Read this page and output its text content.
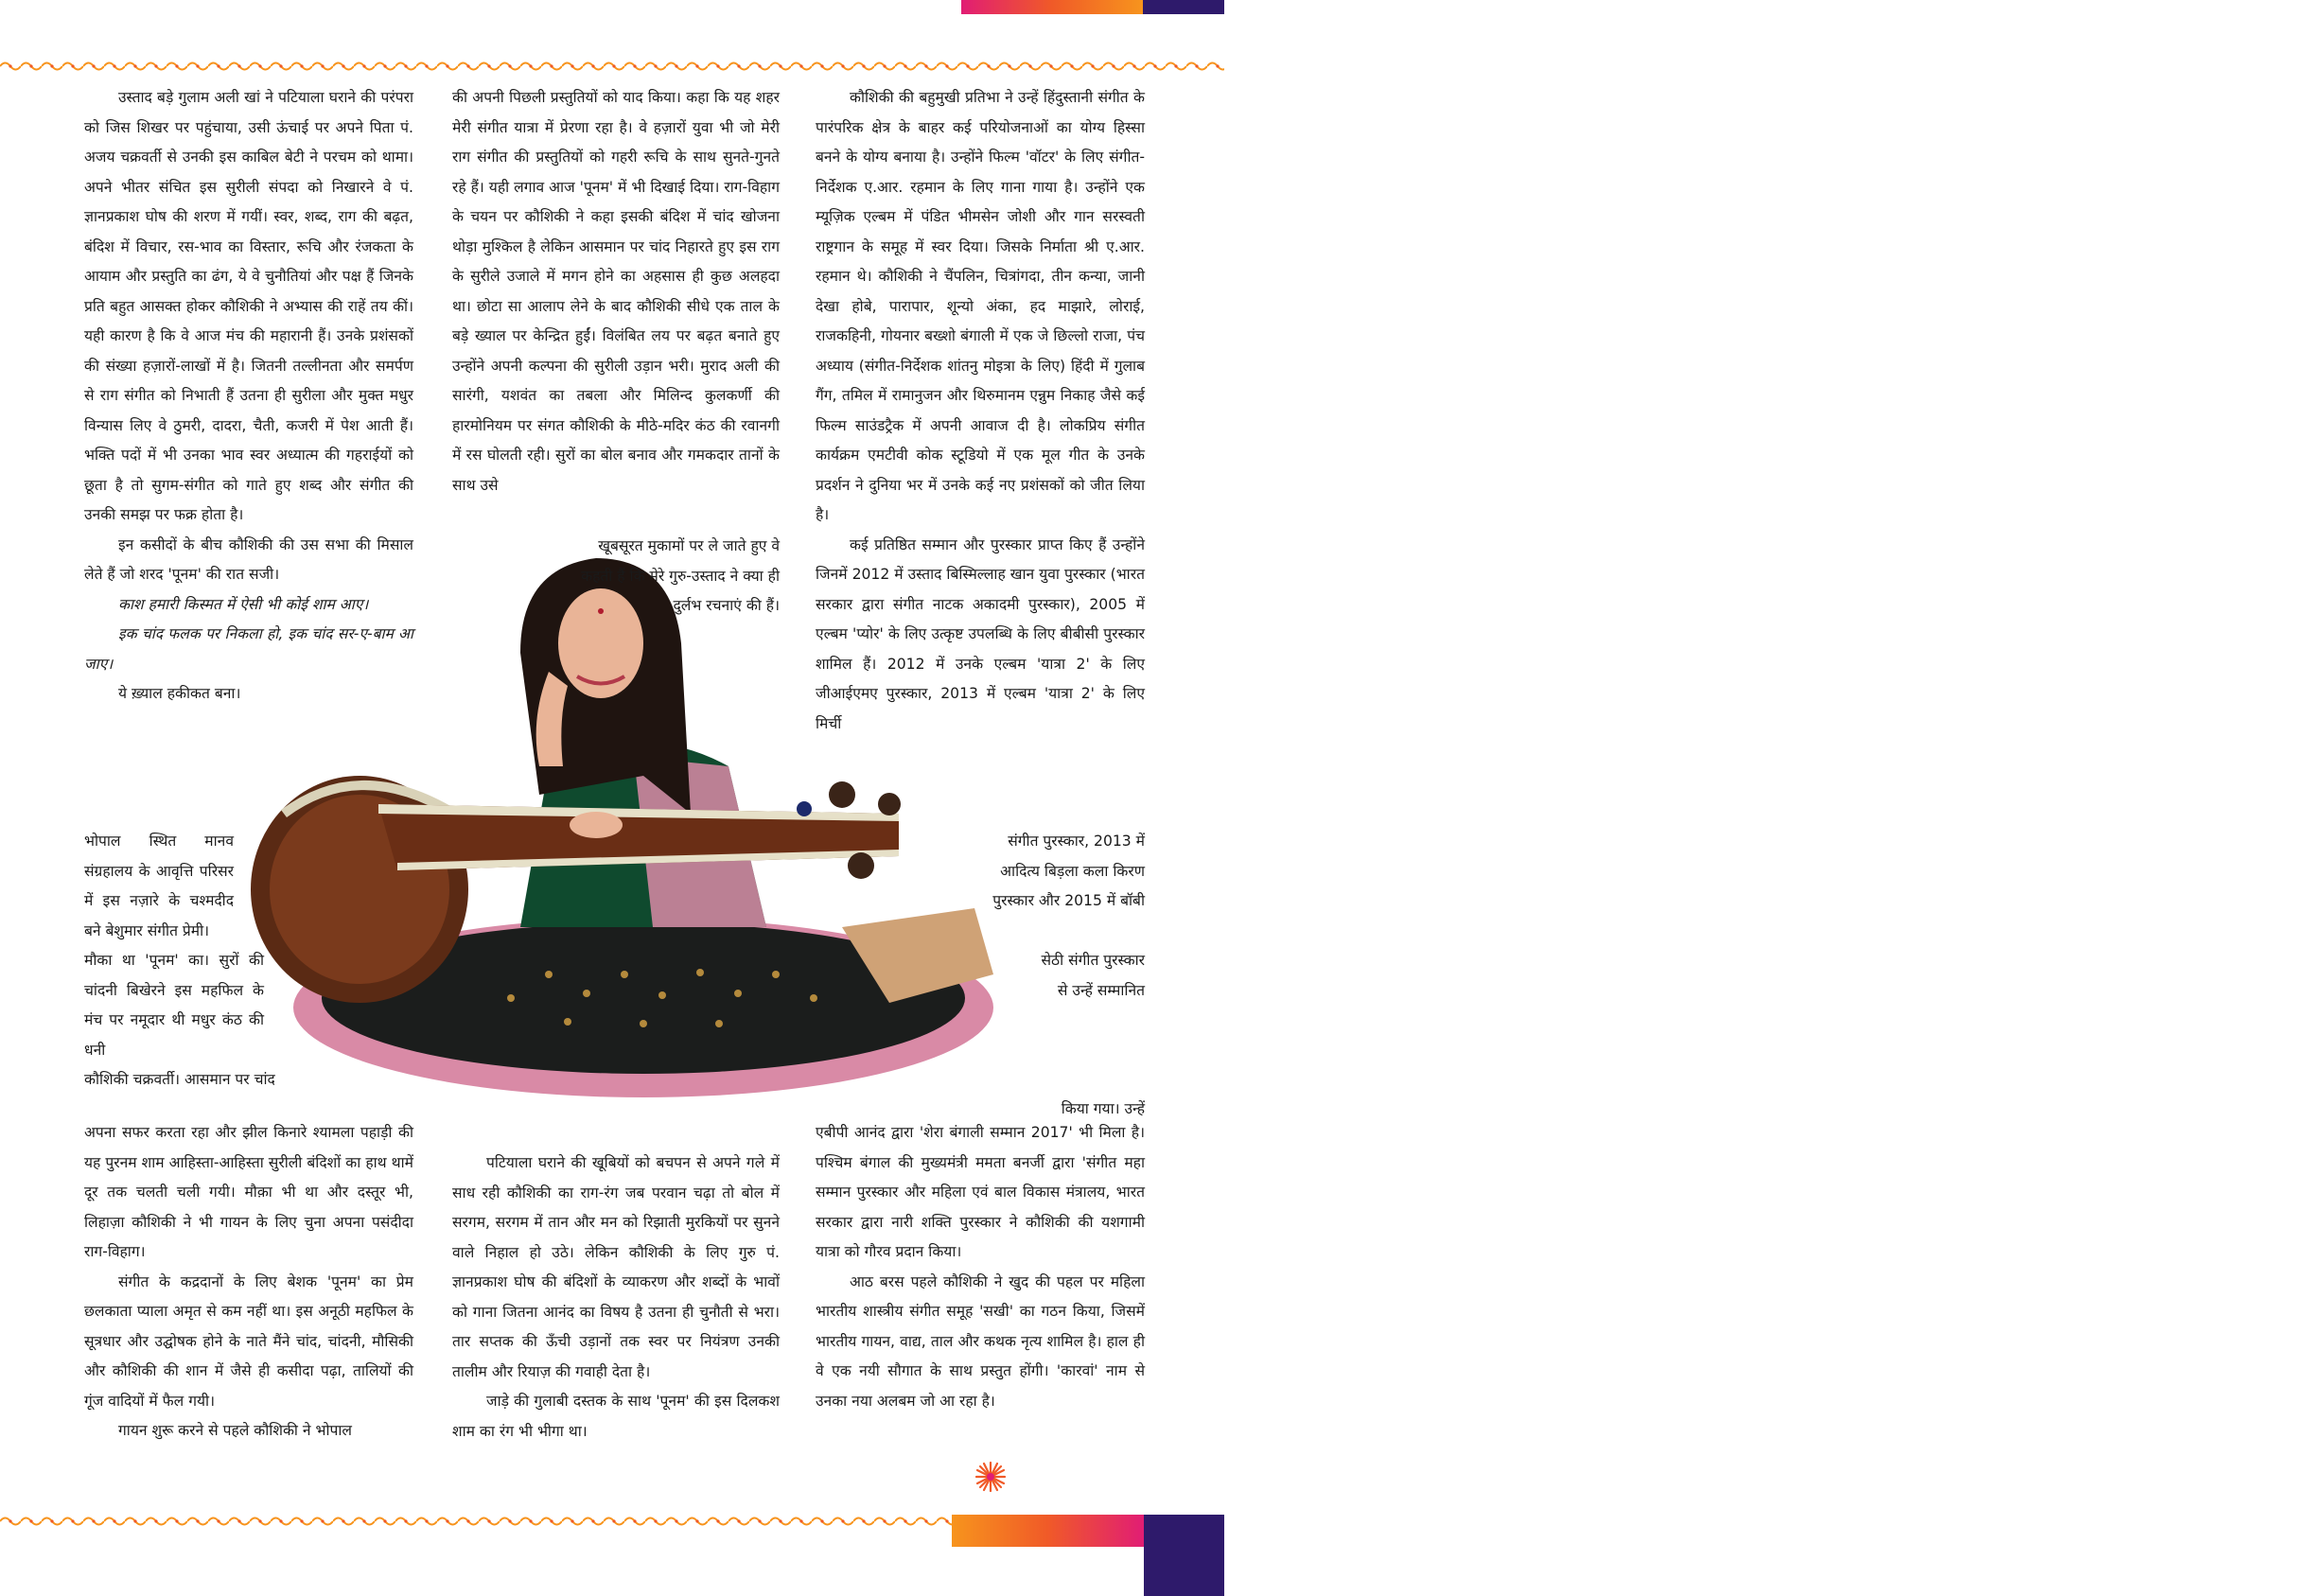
उस्ताद बड़े गुलाम अली खां ने पटियाला घराने की परंपरा को जिस शिखर पर पहुंचाया, उसी ऊंचाई पर अपने पिता पं. अजय चक्रवर्ती से उनकी इस काबिल बेटी ने परचम को थामा। अपने भीतर संचित इस सुरीली संपदा को निखारने वे पं. ज्ञानप्रकाश घोष की शरण में गयीं। स्वर, शब्द, राग की बढ़त, बंदिश में विचार, रस-भाव का विस्तार, रूचि और रंजकता के आयाम और प्रस्तुति का ढंग, ये वे चुनौतियां और पक्ष हैं जिनके प्रति बहुत आसक्त होकर कौशिकी ने अभ्यास की राहें तय कीं। यही कारण है कि वे आज मंच की महारानी हैं। उनके प्रशंसकों की संख्या हज़ारों-लाखों में है। जितनी तल्लीनता और समर्पण से राग संगीत को निभाती हैं उतना ही सुरीला और मुक्त मधुर विन्यास लिए वे ठुमरी, दादरा, चैती, कजरी में पेश आती हैं। भक्ति पदों में भी उनका भाव स्वर अध्यात्म की गहराईयों को छूता है तो सुगम-संगीत को गाते हुए शब्द और संगीत की उनकी समझ पर फक्र होता है।

इन कसीदों के बीच कौशिकी की उस सभा की मिसाल लेते हैं जो शरद 'पूनम' की रात सजी।

काश हमारी किस्मत में ऐसी भी कोई शाम आए।

इक चांद फलक पर निकला हो, इक चांद सर-ए-बाम आ जाए।

ये ख़्याल हकीकत बना।

की अपनी पिछली प्रस्तुतियों को याद किया। कहा कि यह शहर मेरी संगीत यात्रा में प्रेरणा रहा है। वे हज़ारों युवा भी जो मेरी राग संगीत की प्रस्तुतियों को गहरी रूचि के साथ सुनते-गुनते रहे हैं। यही लगाव आज 'पूनम' में भी दिखाई दिया। राग-विहाग के चयन पर कौशिकी ने कहा इसकी बंदिश में चांद खोजना थोड़ा मुश्किल है लेकिन आसमान पर चांद निहारते हुए इस राग के सुरीले उजाले में मगन होने का अहसास ही कुछ अलहदा था। छोटा सा आलाप लेने के बाद कौशिकी सीधे एक ताल के बड़े ख्याल पर केन्द्रित हुईं। विलंबित लय पर बढ़त बनाते हुए उन्होंने अपनी कल्पना की सुरीली उड़ान भरी। मुराद अली की सारंगी, यशवंत का तबला और मिलिन्द कुलकर्णी की हारमोनियम पर संगत कौशिकी के मीठे-मदिर कंठ की रवानगी में रस घोलती रही। सुरों का बोल बनाव और गमकदार तानों के साथ उसे

कौशिकी की बहुमुखी प्रतिभा ने उन्हें हिंदुस्तानी संगीत के पारंपरिक क्षेत्र के बाहर कई परियोजनाओं का योग्य हिस्सा बनने के योग्य बनाया है। उन्होंने फिल्म 'वॉटर' के लिए संगीत-निर्देशक ए.आर. रहमान के लिए गाना गाया है। उन्होंने एक म्यूज़िक एल्बम में पंडित भीमसेन जोशी और गान सरस्वती राष्ट्रगान के समूह में स्वर दिया। जिसके निर्माता श्री ए.आर. रहमान थे। कौशिकी ने चैंपलिन, चित्रांगदा, तीन कन्या, जानी देखा होबे, पारापार, शून्यो अंका, हद माझारे, लोराई, राजकहिनी, गोयनार बख्शो बंगाली में एक जे छिल्लो राजा, पंच अध्याय (संगीत-निर्देशक शांतनु मोइत्रा के लिए) हिंदी में गुलाब गैंग, तमिल में रामानुजन और थिरुमानम एन्नुम निकाह जैसे कई फिल्म साउंडट्रैक में अपनी आवाज दी है। लोकप्रिय संगीत कार्यक्रम एमटीवी कोक स्टूडियो में एक मूल गीत के उनके प्रदर्शन ने दुनिया भर में उनके कई नए प्रशंसकों को जीत लिया है।

कई प्रतिष्ठित सम्मान और पुरस्कार प्राप्त किए हैं उन्होंने जिनमें 2012 में उस्ताद बिस्मिल्लाह खान युवा पुरस्कार (भारत सरकार द्वारा संगीत नाटक अकादमी पुरस्कार), 2005 में एल्बम 'प्योर' के लिए उत्कृष्ट उपलब्धि के लिए बीबीसी पुरस्कार शामिल हैं। 2012 में उनके एल्बम 'यात्रा 2' के लिए जीआईएमए पुरस्कार, 2013 में एल्बम 'यात्रा 2' के लिए मिर्ची

भोपाल स्थित मानव संग्रहालय के आवृत्ति परिसर में इस नज़ारे के चश्मदीद बने बेशुमार संगीत प्रेमी।

मौका था 'पूनम' का। सुरों की चांदनी बिखेरने इस महफिल के मंच पर नमूदार थी मधुर कंठ की धनी

कौशिकी चक्रवर्ती। आसमान पर चांद

खूबसूरत मुकामों पर ले जाते हुए वे कहती हैं कि मेरे गुरु-उस्ताद ने क्या ही दुर्लभ रचनाएं की हैं।

संगीत पुरस्कार, 2013 में आदित्य बिड़ला कला किरण पुरस्कार और 2015 में बॉबी

सेठी संगीत पुरस्कार से उन्हें सम्मानित

किया गया। उन्हें

अपना सफर करता रहा और झील किनारे श्यामला पहाड़ी की यह पुरनम शाम आहिस्ता-आहिस्ता सुरीली बंदिशों का हाथ थामें दूर तक चलती चली गयी। मौक़ा भी था और दस्तूर भी, लिहाज़ा कौशिकी ने भी गायन के लिए चुना अपना पसंदीदा राग-विहाग।

संगीत के कद्रदानों के लिए बेशक 'पूनम' का प्रेम छलकाता प्याला अमृत से कम नहीं था। इस अनूठी महफिल के सूत्रधार और उद्घोषक होने के नाते मैंने चांद, चांदनी, मौसिकी और कौशिकी की शान में जैसे ही कसीदा पढ़ा, तालियों की गूंज वादियों में फैल गयी।

गायन शुरू करने से पहले कौशिकी ने भोपाल

पटियाला घराने की खूबियों को बचपन से अपने गले में साध रही कौशिकी का राग-रंग जब परवान चढ़ा तो बोल में सरगम, सरगम में तान और मन को रिझाती मुरकियों पर सुनने वाले निहाल हो उठे। लेकिन कौशिकी के लिए गुरु पं. ज्ञानप्रकाश घोष की बंदिशों के व्याकरण और शब्दों के भावों को गाना जितना आनंद का विषय है उतना ही चुनौती से भरा। तार सप्तक की ऊँची उड़ानों तक स्वर पर नियंत्रण उनकी तालीम और रियाज़ की गवाही देता है।

जाड़े की गुलाबी दस्तक के साथ 'पूनम' की इस दिलकश शाम का रंग भी भीगा था।

एबीपी आनंद द्वारा 'शेरा बंगाली सम्मान 2017' भी मिला है। पश्चिम बंगाल की मुख्यमंत्री ममता बनर्जी द्वारा 'संगीत महा सम्मान पुरस्कार और महिला एवं बाल विकास मंत्रालय, भारत सरकार द्वारा नारी शक्ति पुरस्कार ने कौशिकी की यशगामी यात्रा को गौरव प्रदान किया।

आठ बरस पहले कौशिकी ने खुद की पहल पर महिला भारतीय शास्त्रीय संगीत समूह 'सखी' का गठन किया, जिसमें भारतीय गायन, वाद्य, ताल और कथक नृत्य शामिल है। हाल ही वे एक नयी सौगात के साथ प्रस्तुत होंगी। 'कारवां' नाम से उनका नया अलबम जो आ रहा है।

स्वर सरिता - जुलाई , 2024	29
